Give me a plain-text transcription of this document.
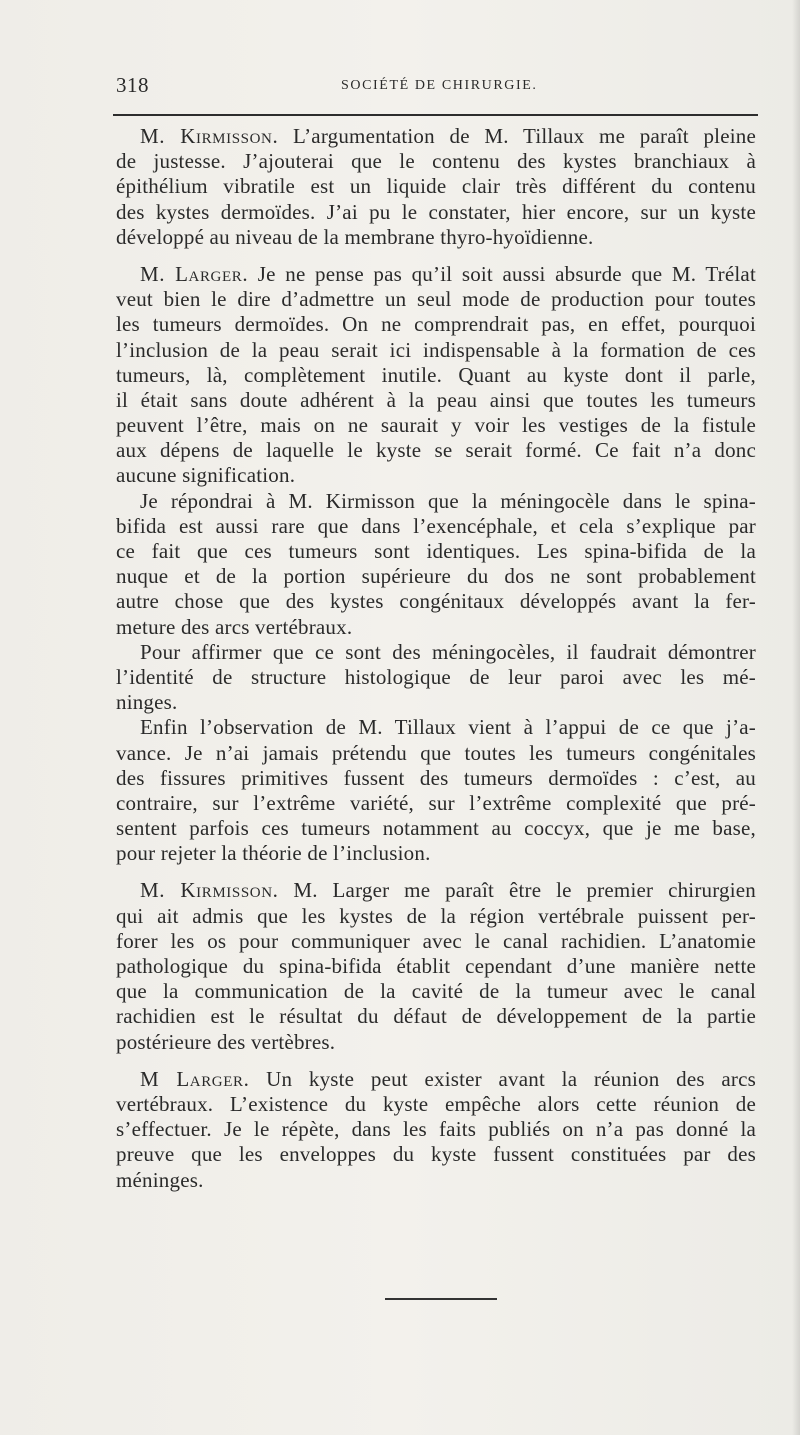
318	SOCIÉTÉ DE CHIRURGIE.
M. Kirmisson. L’argumentation de M. Tillaux me paraît pleine
de justesse. J’ajouterai que le contenu des kystes branchiaux à
épithélium vibratile est un liquide clair très différent du contenu
des kystes dermoïdes. J’ai pu le constater, hier encore, sur un kyste
développé au niveau de la membrane thyro-hyoïdienne.
M. Larger. Je ne pense pas qu’il soit aussi absurde que M. Trélat
veut bien le dire d’admettre un seul mode de production pour toutes
les tumeurs dermoïdes. On ne comprendrait pas, en effet, pourquoi
l’inclusion de la peau serait ici indispensable à la formation de ces
tumeurs, là, complètement inutile. Quant au kyste dont il parle,
il était sans doute adhérent à la peau ainsi que toutes les tumeurs
peuvent l’être, mais on ne saurait y voir les vestiges de la fistule
aux dépens de laquelle le kyste se serait formé. Ce fait n’a donc
aucune signification.
Je répondrai à M. Kirmisson que la méningocèle dans le spina-
bifida est aussi rare que dans l’exencéphale, et cela s’explique par
ce fait que ces tumeurs sont identiques. Les spina-bifida de la
nuque et de la portion supérieure du dos ne sont probablement
autre chose que des kystes congénitaux développés avant la fer-
meture des arcs vertébraux.
Pour affirmer que ce sont des méningocèles, il faudrait démontrer
l’identité de structure histologique de leur paroi avec les mé-
ninges.
Enfin l’observation de M. Tillaux vient à l’appui de ce que j’a-
vance. Je n’ai jamais prétendu que toutes les tumeurs congénitales
des fissures primitives fussent des tumeurs dermoïdes : c’est, au
contraire, sur l’extrême variété, sur l’extrême complexité que pré-
sentent parfois ces tumeurs notamment au coccyx, que je me base,
pour rejeter la théorie de l’inclusion.
M. Kirmisson. M. Larger me paraît être le premier chirurgien
qui ait admis que les kystes de la région vertébrale puissent per-
forer les os pour communiquer avec le canal rachidien. L’anatomie
pathologique du spina-bifida établit cependant d’une manière nette
que la communication de la cavité de la tumeur avec le canal
rachidien est le résultat du défaut de développement de la partie
postérieure des vertèbres.
M Larger. Un kyste peut exister avant la réunion des arcs
vertébraux. L’existence du kyste empêche alors cette réunion de
s’effectuer. Je le répète, dans les faits publiés on n’a pas donné la
preuve que les enveloppes du kyste fussent constituées par des
méninges.
